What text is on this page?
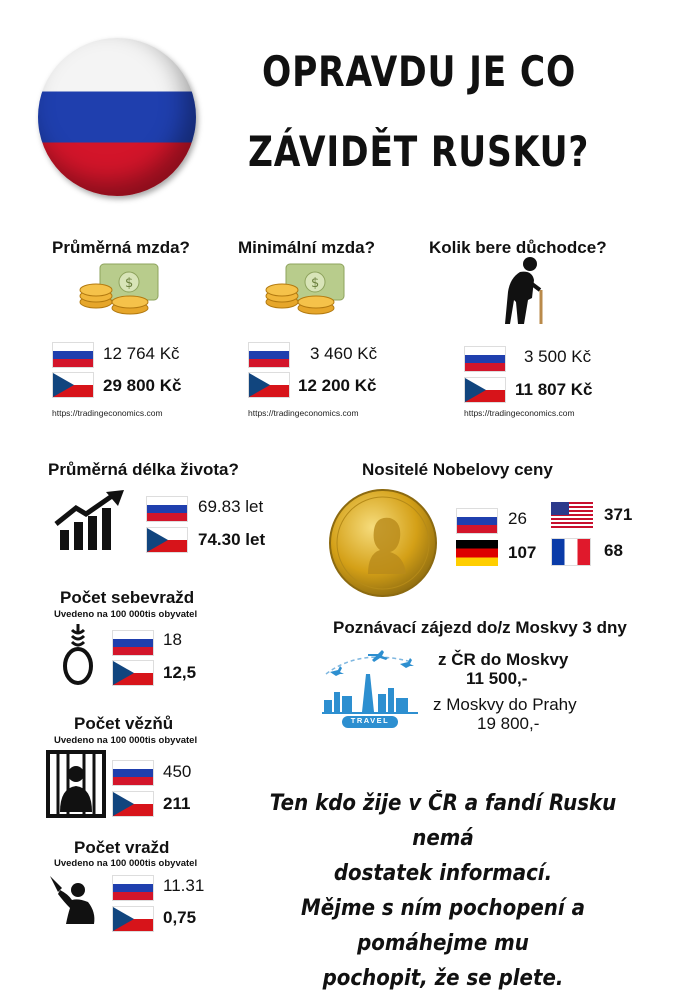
OPRAVDU JE CO
ZÁVIDĚT RUSKU?
Průměrná mzda?
$
12 764 Kč
29 800 Kč
https://tradingeconomics.com
Minimální mzda?
$
3 460 Kč
12 200 Kč
https://tradingeconomics.com
Kolik bere důchodce?
3 500 Kč
11 807 Kč
https://tradingeconomics.com
Průměrná délka života?
69.83 let
74.30 let
Nositelé Nobelovy ceny
26	371
107	68
Počet sebevražd
Uvedeno na 100 000tis obyvatel
18
12,5
Poznávací zájezd do/z Moskvy 3 dny
TRAVEL
z ČR do Moskvy
11 500,-
z Moskvy do Prahy
19 800,-
Počet vězňů
Uvedeno na 100 000tis obyvatel
450
211
Počet vražd
Uvedeno na 100 000tis obyvatel
11.31
0,75
Ten kdo žije v ČR a fandí Rusku nemá
dostatek informací.
Mějme s ním pochopení a pomáhejme mu
pochopit, že se plete.
